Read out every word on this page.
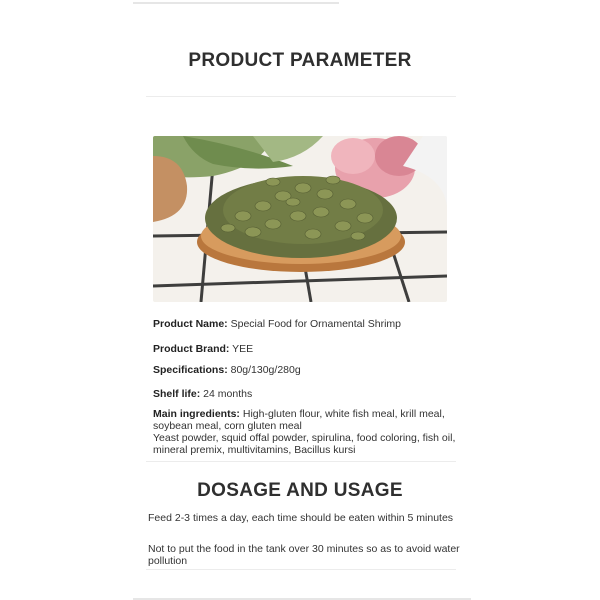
PRODUCT PARAMETER
Product Name: Special Food for Ornamental Shrimp
Product Brand: YEE
Specifications: 80g/130g/280g
Shelf life: 24 months
Main ingredients: High-gluten flour, white fish meal, krill meal, soybean meal, corn gluten meal
Yeast powder, squid offal powder, spirulina, food coloring, fish oil, mineral premix, multivitamins, Bacillus kursi
DOSAGE AND USAGE
Feed 2-3 times a day, each time should be eaten within 5 minutes
Not to put the food in the tank over 30 minutes so as to avoid water pollution
